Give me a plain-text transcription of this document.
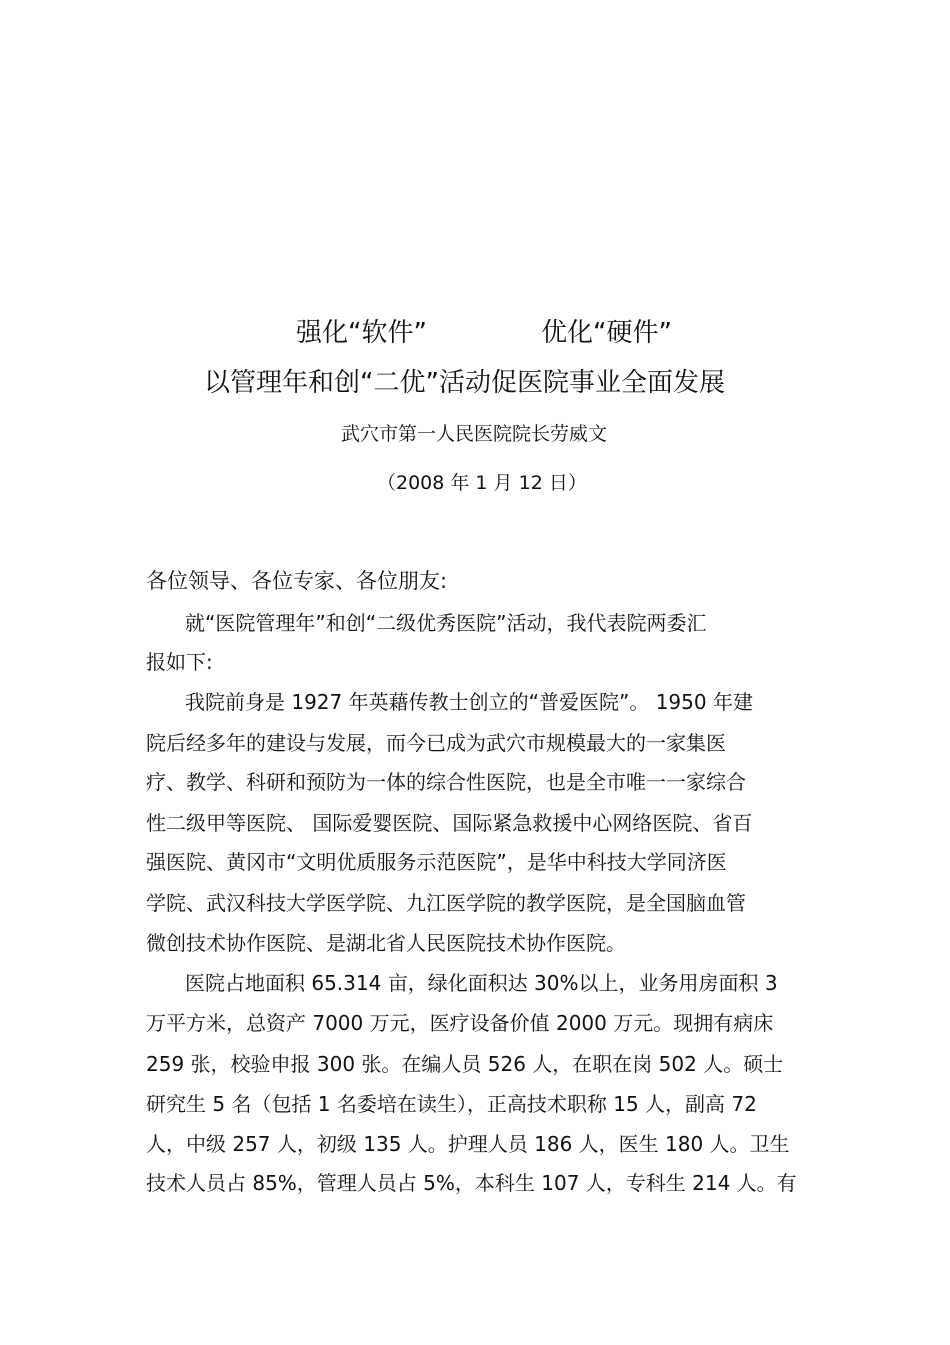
强化“软件”	优化“硬件”
以管理年和创“二优”活动促医院事业全面发展
武穴市第一人民医院院长劳威文
（2008 年 1 月 12 日）
各位领导、各位专家、各位朋友:
就“医院管理年”和创“二级优秀医院”活动，我代表院两委汇
报如下:
我院前身是 1927 年英藉传教士创立的“普爱医院”。 1950 年建
院后经多年的建设与发展，而今已成为武穴市规模最大的一家集医
疗、教学、科研和预防为一体的综合性医院，也是全市唯一一家综合
性二级甲等医院、 国际爱婴医院、国际紧急救援中心网络医院、省百
强医院、黄冈市“文明优质服务示范医院”，是华中科技大学同济医
学院、武汉科技大学医学院、九江医学院的教学医院，是全国脑血管
微创技术协作医院、是湖北省人民医院技术协作医院。
医院占地面积 65.314 亩，绿化面积达 30%以上，业务用房面积 3
万平方米，总资产 7000 万元，医疗设备价值 2000 万元。现拥有病床
259 张，校验申报 300 张。在编人员 526 人，在职在岗 502 人。硕士
研究生 5 名（包括 1 名委培在读生），正高技术职称 15 人，副高 72
人，中级 257 人，初级 135 人。护理人员 186 人，医生 180 人。卫生
技术人员占 85%，管理人员占 5%，本科生 107 人，专科生 214 人。有
